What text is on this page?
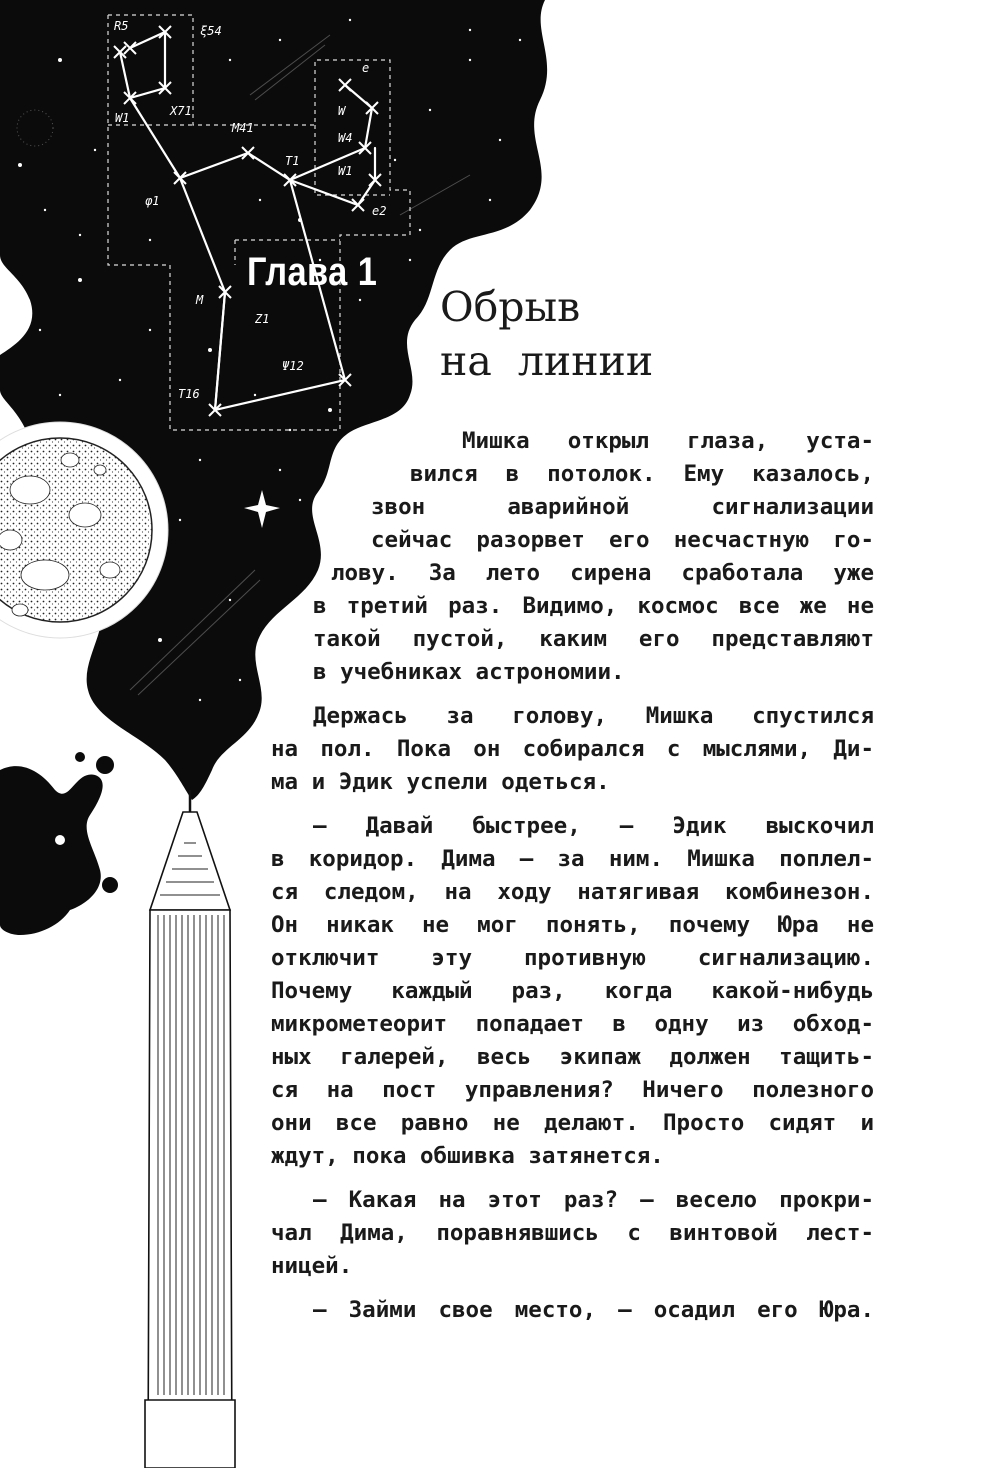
R5	ξ54
e
W1	X71
M41
W
W4
T1
W1
φ1
e2
M
Z1
Ψ12
T16
Глава 1
Обрыв
на  линии
Мишка открыл глаза, уста-
вился в потолок. Ему казалось,
звон аварийной сигнализации
сейчас разорвет его несчастную го-
лову. За лето сирена сработала уже
в третий раз. Видимо, космос все же не
такой пустой, каким его представляют
в учебниках астрономии.
Держась за голову, Мишка спустился
на пол. Пока он собирался с мыслями, Ди-
ма и Эдик успели одеться.
— Давай быстрее, — Эдик выскочил
в коридор. Дима — за ним. Мишка поплел-
ся следом, на ходу натягивая комбинезон.
Он никак не мог понять, почему Юра не
отключит эту противную сигнализацию.
Почему каждый раз, когда какой-нибудь
микрометеорит попадает в одну из обход-
ных галерей, весь экипаж должен тащить-
ся на пост управления? Ничего полезного
они все равно не делают. Просто сидят и
ждут, пока обшивка затянется.
— Какая на этот раз? — весело прокри-
чал Дима, поравнявшись с винтовой лест-
ницей.
— Займи свое место, — осадил его Юра.
